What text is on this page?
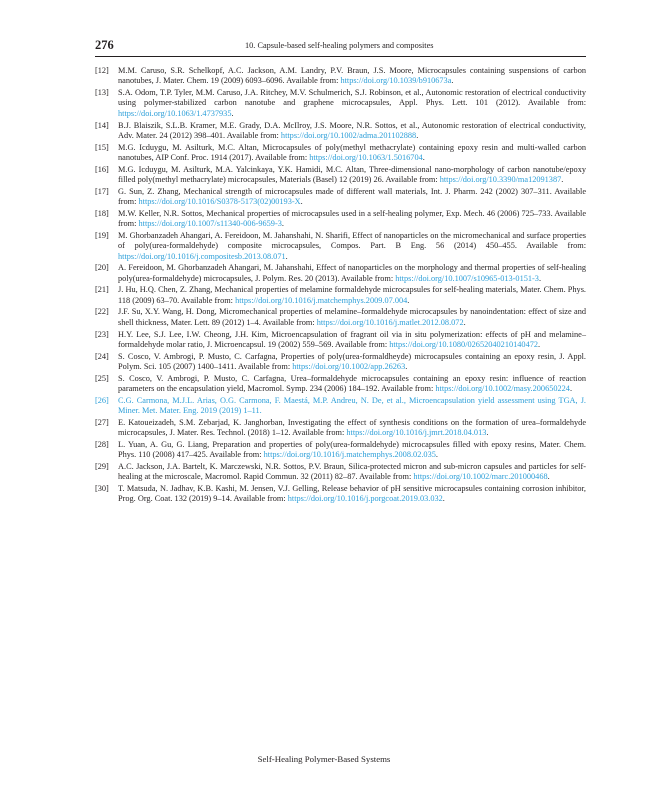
276	10. Capsule-based self-healing polymers and composites
[12] M.M. Caruso, S.R. Schelkopf, A.C. Jackson, A.M. Landry, P.V. Braun, J.S. Moore, Microcapsules containing suspensions of carbon nanotubes, J. Mater. Chem. 19 (2009) 6093–6096. Available from: https://doi.org/10.1039/b910673a.
[13] S.A. Odom, T.P. Tyler, M.M. Caruso, J.A. Ritchey, M.V. Schulmerich, S.J. Robinson, et al., Autonomic restoration of electrical conductivity using polymer-stabilized carbon nanotube and graphene microcapsules, Appl. Phys. Lett. 101 (2012). Available from: https://doi.org/10.1063/1.4737935.
[14] B.J. Blaiszik, S.L.B. Kramer, M.E. Grady, D.A. McIlroy, J.S. Moore, N.R. Sottos, et al., Autonomic restoration of electrical conductivity, Adv. Mater. 24 (2012) 398–401. Available from: https://doi.org/10.1002/adma.201102888.
[15] M.G. Icduygu, M. Asilturk, M.C. Altan, Microcapsules of poly(methyl methacrylate) containing epoxy resin and multi-walled carbon nanotubes, AIP Conf. Proc. 1914 (2017). Available from: https://doi.org/10.1063/1.5016704.
[16] M.G. Icduygu, M. Asilturk, M.A. Yalcinkaya, Y.K. Hamidi, M.C. Altan, Three-dimensional nano-morphology of carbon nanotube/epoxy filled poly(methyl methacrylate) microcapsules, Materials (Basel) 12 (2019) 26. Available from: https://doi.org/10.3390/ma12091387.
[17] G. Sun, Z. Zhang, Mechanical strength of microcapsules made of different wall materials, Int. J. Pharm. 242 (2002) 307–311. Available from: https://doi.org/10.1016/S0378-5173(02)00193-X.
[18] M.W. Keller, N.R. Sottos, Mechanical properties of microcapsules used in a self-healing polymer, Exp. Mech. 46 (2006) 725–733. Available from: https://doi.org/10.1007/s11340-006-9659-3.
[19] M. Ghorbanzadeh Ahangari, A. Fereidoon, M. Jahanshahi, N. Sharifi, Effect of nanoparticles on the micromechanical and surface properties of poly(urea-formaldehyde) composite microcapsules, Compos. Part. B Eng. 56 (2014) 450–455. Available from: https://doi.org/10.1016/j.compositesb.2013.08.071.
[20] A. Fereidoon, M. Ghorbanzadeh Ahangari, M. Jahanshahi, Effect of nanoparticles on the morphology and thermal properties of self-healing poly(urea-formaldehyde) microcapsules, J. Polym. Res. 20 (2013). Available from: https://doi.org/10.1007/s10965-013-0151-3.
[21] J. Hu, H.Q. Chen, Z. Zhang, Mechanical properties of melamine formaldehyde microcapsules for self-healing materials, Mater. Chem. Phys. 118 (2009) 63–70. Available from: https://doi.org/10.1016/j.matchemphys.2009.07.004.
[22] J.F. Su, X.Y. Wang, H. Dong, Micromechanical properties of melamine–formaldehyde microcapsules by nanoindentation: effect of size and shell thickness, Mater. Lett. 89 (2012) 1–4. Available from: https://doi.org/10.1016/j.matlet.2012.08.072.
[23] H.Y. Lee, S.J. Lee, I.W. Cheong, J.H. Kim, Microencapsulation of fragrant oil via in situ polymerization: effects of pH and melamine–formaldehyde molar ratio, J. Microencapsul. 19 (2002) 559–569. Available from: https://doi.org/10.1080/02652040210140472.
[24] S. Cosco, V. Ambrogi, P. Musto, C. Carfagna, Properties of poly(urea-formaldheyde) microcapsules containing an epoxy resin, J. Appl. Polym. Sci. 105 (2007) 1400–1411. Available from: https://doi.org/10.1002/app.26263.
[25] S. Cosco, V. Ambrogi, P. Musto, C. Carfagna, Urea–formaldehyde microcapsules containing an epoxy resin: influence of reaction parameters on the encapsulation yield, Macromol. Symp. 234 (2006) 184–192. Available from: https://doi.org/10.1002/masy.200650224.
[26] C.G. Carmona, M.J.L. Arias, O.G. Carmona, F. Maestá, M.P. Andreu, N. De, et al., Microencapsulation yield assessment using TGA, J. Miner. Met. Mater. Eng. 2019 (2019) 1–11.
[27] E. Katoueizadeh, S.M. Zebarjad, K. Janghorban, Investigating the effect of synthesis conditions on the formation of urea–formaldehyde microcapsules, J. Mater. Res. Technol. (2018) 1–12. Available from: https://doi.org/10.1016/j.jmrt.2018.04.013.
[28] L. Yuan, A. Gu, G. Liang, Preparation and properties of poly(urea-formaldehyde) microcapsules filled with epoxy resins, Mater. Chem. Phys. 110 (2008) 417–425. Available from: https://doi.org/10.1016/j.matchemphys.2008.02.035.
[29] A.C. Jackson, J.A. Bartelt, K. Marczewski, N.R. Sottos, P.V. Braun, Silica-protected micron and sub-micron capsules and particles for self-healing at the microscale, Macromol. Rapid Commun. 32 (2011) 82–87. Available from: https://doi.org/10.1002/marc.201000468.
[30] T. Matsuda, N. Jadhav, K.B. Kashi, M. Jensen, V.J. Gelling, Release behavior of pH sensitive microcapsules containing corrosion inhibitor, Prog. Org. Coat. 132 (2019) 9–14. Available from: https://doi.org/10.1016/j.porgcoat.2019.03.032.
Self-Healing Polymer-Based Systems
